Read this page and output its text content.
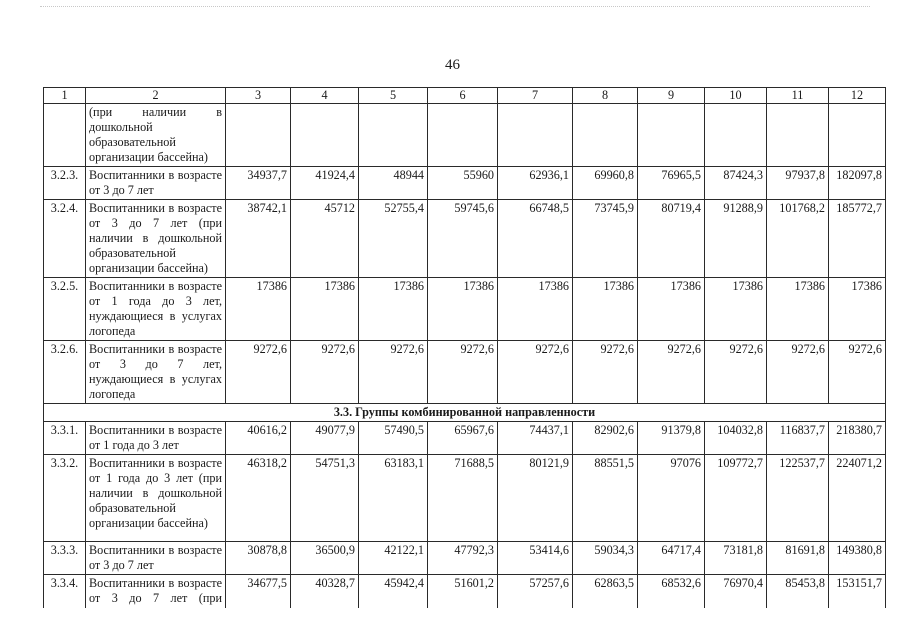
46
1	2	3	4	5	6	7	8	9	10	11	12
	(при наличии в дошкольной образовательной организации бассейна)										
3.2.3.	Воспитанники в возрасте от 3 до 7 лет	34937,7	41924,4	48944	55960	62936,1	69960,8	76965,5	87424,3	97937,8	182097,8
3.2.4.	Воспитанники в возрасте от 3 до 7 лет (при наличии в дошкольной образовательной организации бассейна)	38742,1	45712	52755,4	59745,6	66748,5	73745,9	80719,4	91288,9	101768,2	185772,7
3.2.5.	Воспитанники в возрасте от 1 года до 3 лет, нуждающиеся в услугах логопеда	17386	17386	17386	17386	17386	17386	17386	17386	17386	17386
3.2.6.	Воспитанники в возрасте от 3 до 7 лет, нуждающиеся в услугах логопеда	9272,6	9272,6	9272,6	9272,6	9272,6	9272,6	9272,6	9272,6	9272,6	9272,6
3.3. Группы комбинированной направленности											
3.3.1.	Воспитанники в возрасте от 1 года до 3 лет	40616,2	49077,9	57490,5	65967,6	74437,1	82902,6	91379,8	104032,8	116837,7	218380,7
3.3.2.	Воспитанники в возрасте от 1 года до 3 лет (при наличии в дошкольной образовательной организации бассейна)	46318,2	54751,3	63183,1	71688,5	80121,9	88551,5	97076	109772,7	122537,7	224071,2
3.3.3.	Воспитанники в возрасте от 3 до 7 лет	30878,8	36500,9	42122,1	47792,3	53414,6	59034,3	64717,4	73181,8	81691,8	149380,8
3.3.4.	Воспитанники в возрасте от 3 до 7 лет (при	34677,5	40328,7	45942,4	51601,2	57257,6	62863,5	68532,6	76970,4	85453,8	153151,7
